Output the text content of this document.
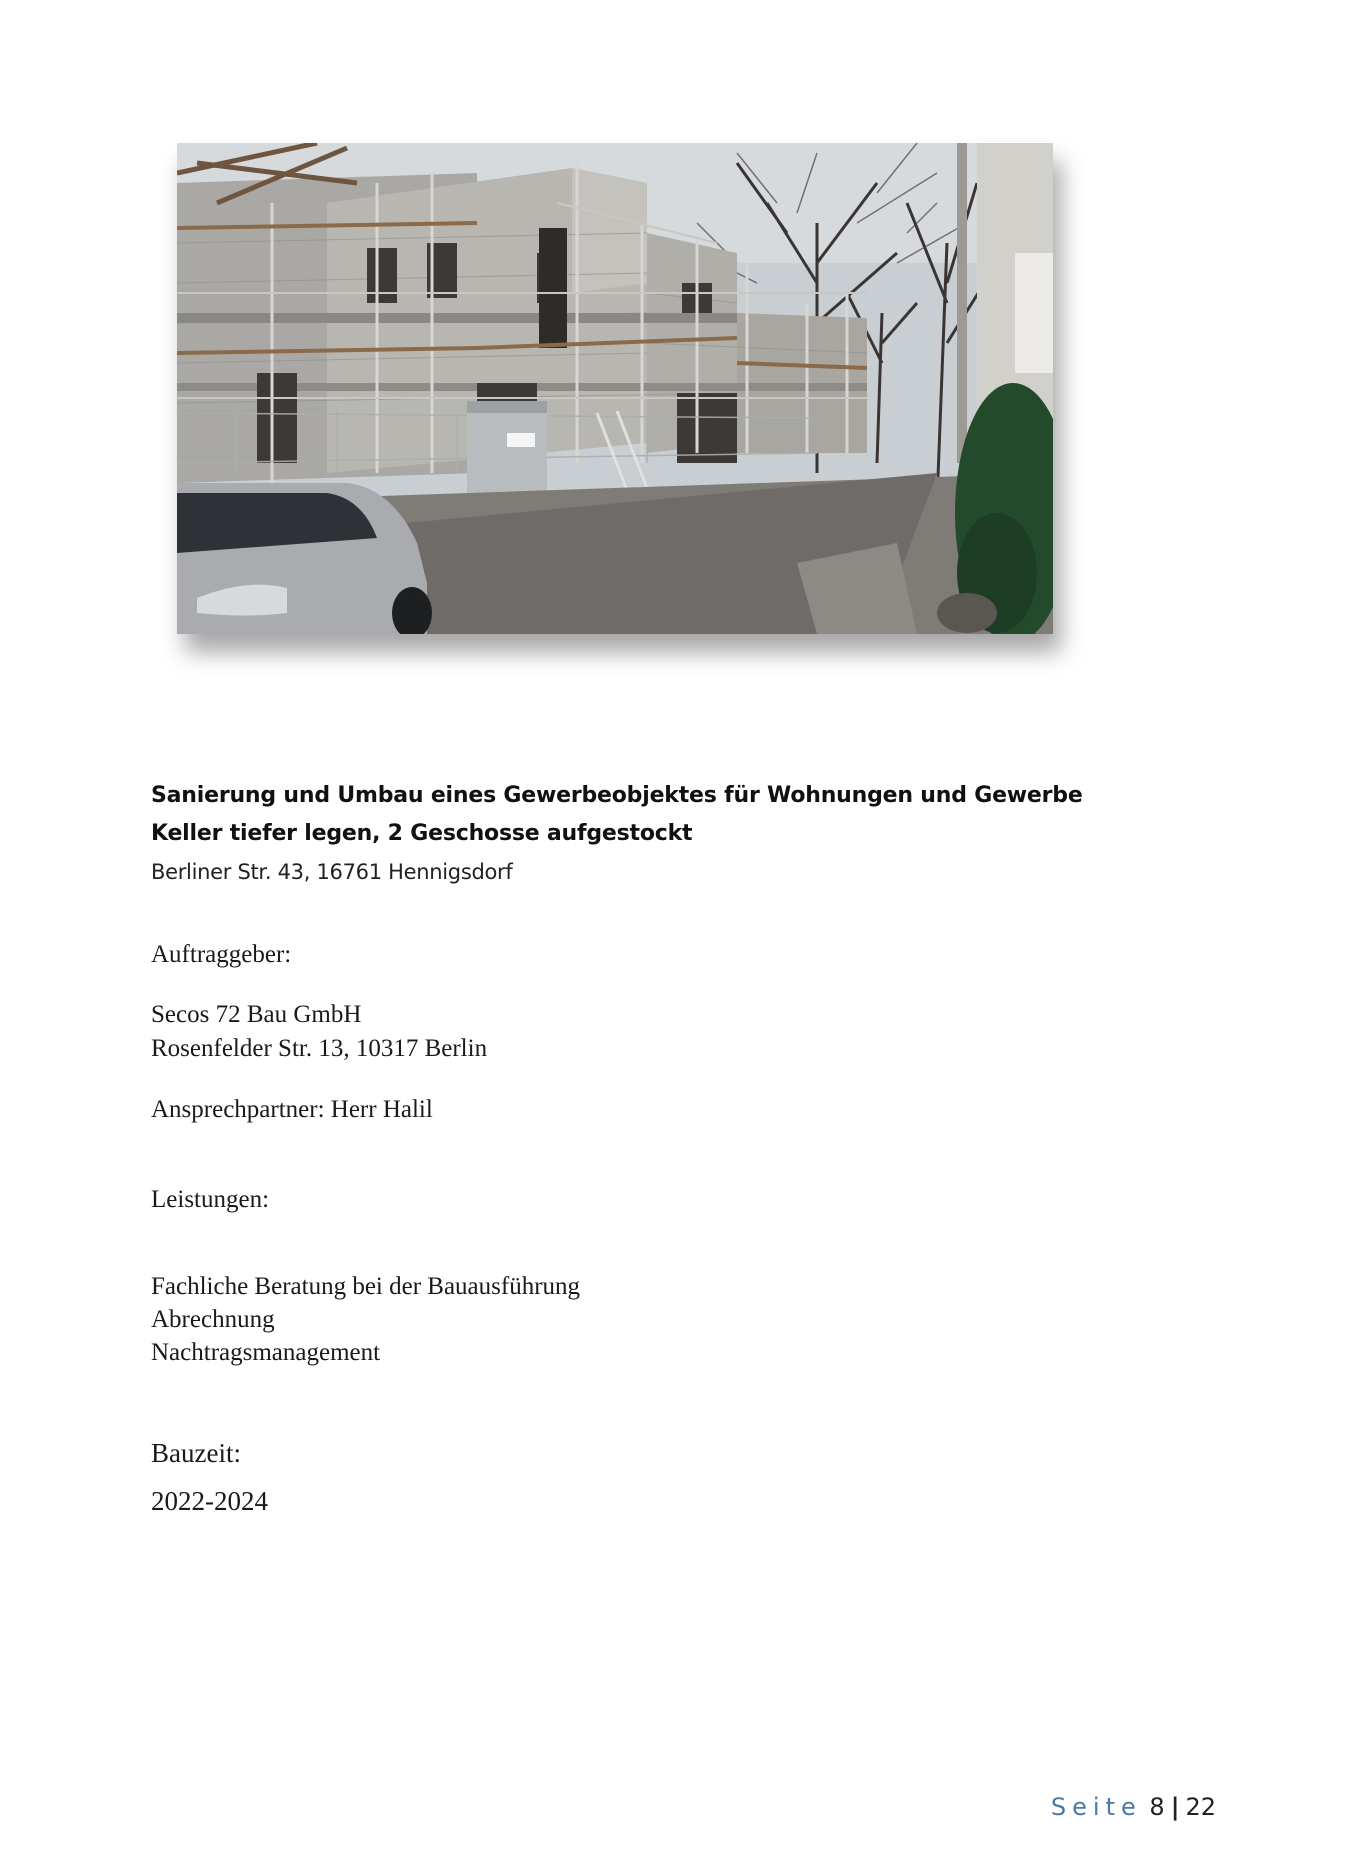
Sanierung und Umbau eines Gewerbeobjektes für Wohnungen und Gewerbe
Keller tiefer legen, 2 Geschosse aufgestockt
Berliner Str. 43, 16761 Hennigsdorf
Auftraggeber:
Secos 72 Bau GmbH
Rosenfelder Str. 13, 10317 Berlin
Ansprechpartner: Herr Halil
Leistungen:
Fachliche Beratung bei der Bauausführung
Abrechnung
Nachtragsmanagement
Bauzeit:
2022-2024
Seite 8 | 22
